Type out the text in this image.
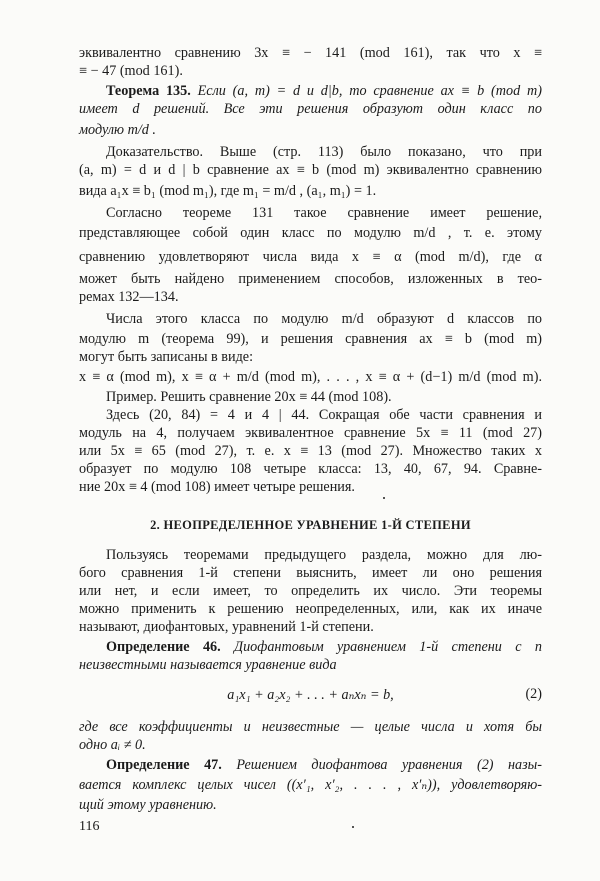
эквивалентно сравнению 3x ≡ − 141 (mod 161), так что x ≡
≡ − 47 (mod 161).
Теорема 135. Если (a, m) = d и d|b, то сравнение ax ≡ b (mod m)
имеет d решений. Все эти решения образуют один класс по
модулю m/d .
Доказательство. Выше (стр. 113) было показано, что при
(a, m) = d и d | b сравнение ax ≡ b (mod m) эквивалентно сравнению
вида a₁x ≡ b₁ (mod m₁), где m₁ = m/d , (a₁, m₁) = 1.
Согласно теореме 131 такое сравнение имеет решение,
представляющее собой один класс по модулю m/d , т. е. этому
сравнению удовлетворяют числа вида x ≡ α (mod m/d), где α
может быть найдено применением способов, изложенных в тео-
ремах 132—134.
Числа этого класса по модулю m/d образуют d классов по
модулю m (теорема 99), и решения сравнения ax ≡ b (mod m)
могут быть записаны в виде:
x ≡ α (mod m), x ≡ α + m/d (mod m), . . . , x ≡ α + (d−1) m/d (mod m).
Пример. Решить сравнение 20x ≡ 44 (mod 108).
Здесь (20, 84) = 4 и 4 | 44. Сокращая обе части сравнения и
модуль на 4, получаем эквивалентное сравнение 5x ≡ 11 (mod 27)
или 5x ≡ 65 (mod 27), т. е. x ≡ 13 (mod 27). Множество таких x
образует по модулю 108 четыре класса: 13, 40, 67, 94. Сравне-
ние 20x ≡ 4 (mod 108) имеет четыре решения.
2. НЕОПРЕДЕЛЕННОЕ УРАВНЕНИЕ 1-Й СТЕПЕНИ
Пользуясь теоремами предыдущего раздела, можно для лю-
бого сравнения 1-й степени выяснить, имеет ли оно решения
или нет, и если имеет, то определить их число. Эти теоремы
можно применить к решению неопределенных, или, как их иначе
называют, диофантовых, уравнений 1-й степени.
Определение 46. Диофантовым уравнением 1-й степени с n
неизвестными называется уравнение вида
a₁x₁ + a₂x₂ + . . . + aₙxₙ = b,	(2)
где все коэффициенты и неизвестные — целые числа и хотя бы
одно aᵢ ≠ 0.
Определение 47. Решением диофантова уравнения (2) назы-
вается комплекс целых чисел ((x′₁, x′₂, . . . , x′ₙ)), удовлетворяю-
щий этому уравнению.
116
